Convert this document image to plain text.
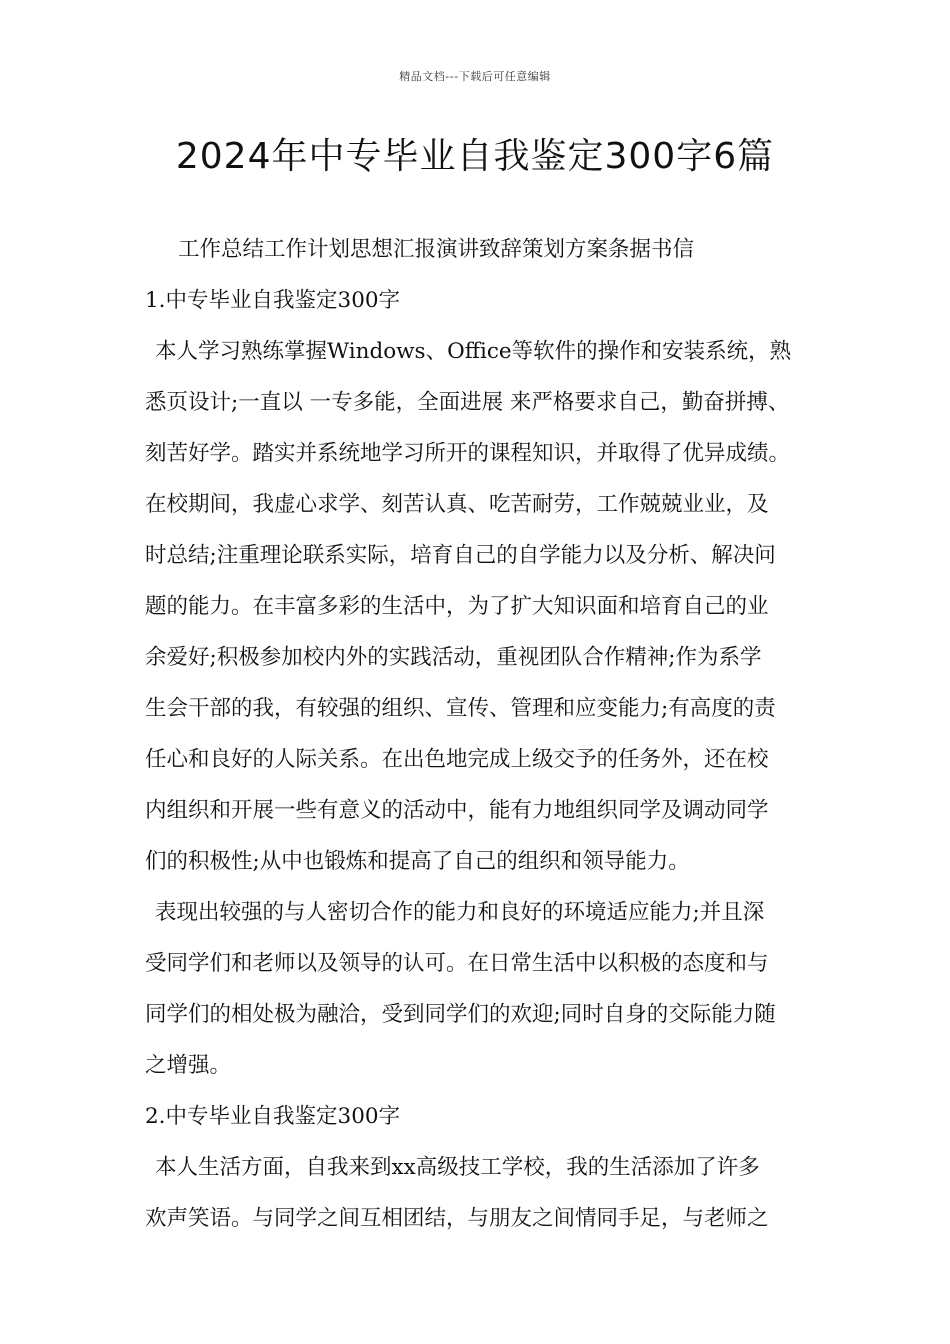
精品文档---下载后可任意编辑
2024年中专毕业自我鉴定300字6篇
工作总结工作计划思想汇报演讲致辞策划方案条据书信
1.中专毕业自我鉴定300字
本人学习熟练掌握Windows、Office等软件的操作和安装系统，熟
悉页设计;一直以 一专多能，全面进展 来严格要求自己，勤奋拼搏、
刻苦好学。踏实并系统地学习所开的课程知识，并取得了优异成绩。
在校期间，我虚心求学、刻苦认真、吃苦耐劳，工作兢兢业业，及
时总结;注重理论联系实际，培育自己的自学能力以及分析、解决问
题的能力。在丰富多彩的生活中，为了扩大知识面和培育自己的业
余爱好;积极参加校内外的实践活动，重视团队合作精神;作为系学
生会干部的我，有较强的组织、宣传、管理和应变能力;有高度的责
任心和良好的人际关系。在出色地完成上级交予的任务外，还在校
内组织和开展一些有意义的活动中，能有力地组织同学及调动同学
们的积极性;从中也锻炼和提高了自己的组织和领导能力。
表现出较强的与人密切合作的能力和良好的环境适应能力;并且深
受同学们和老师以及领导的认可。在日常生活中以积极的态度和与
同学们的相处极为融洽，受到同学们的欢迎;同时自身的交际能力随
之增强。
2.中专毕业自我鉴定300字
本人生活方面，自我来到xx高级技工学校，我的生活添加了许多
欢声笑语。与同学之间互相团结，与朋友之间情同手足，与老师之
